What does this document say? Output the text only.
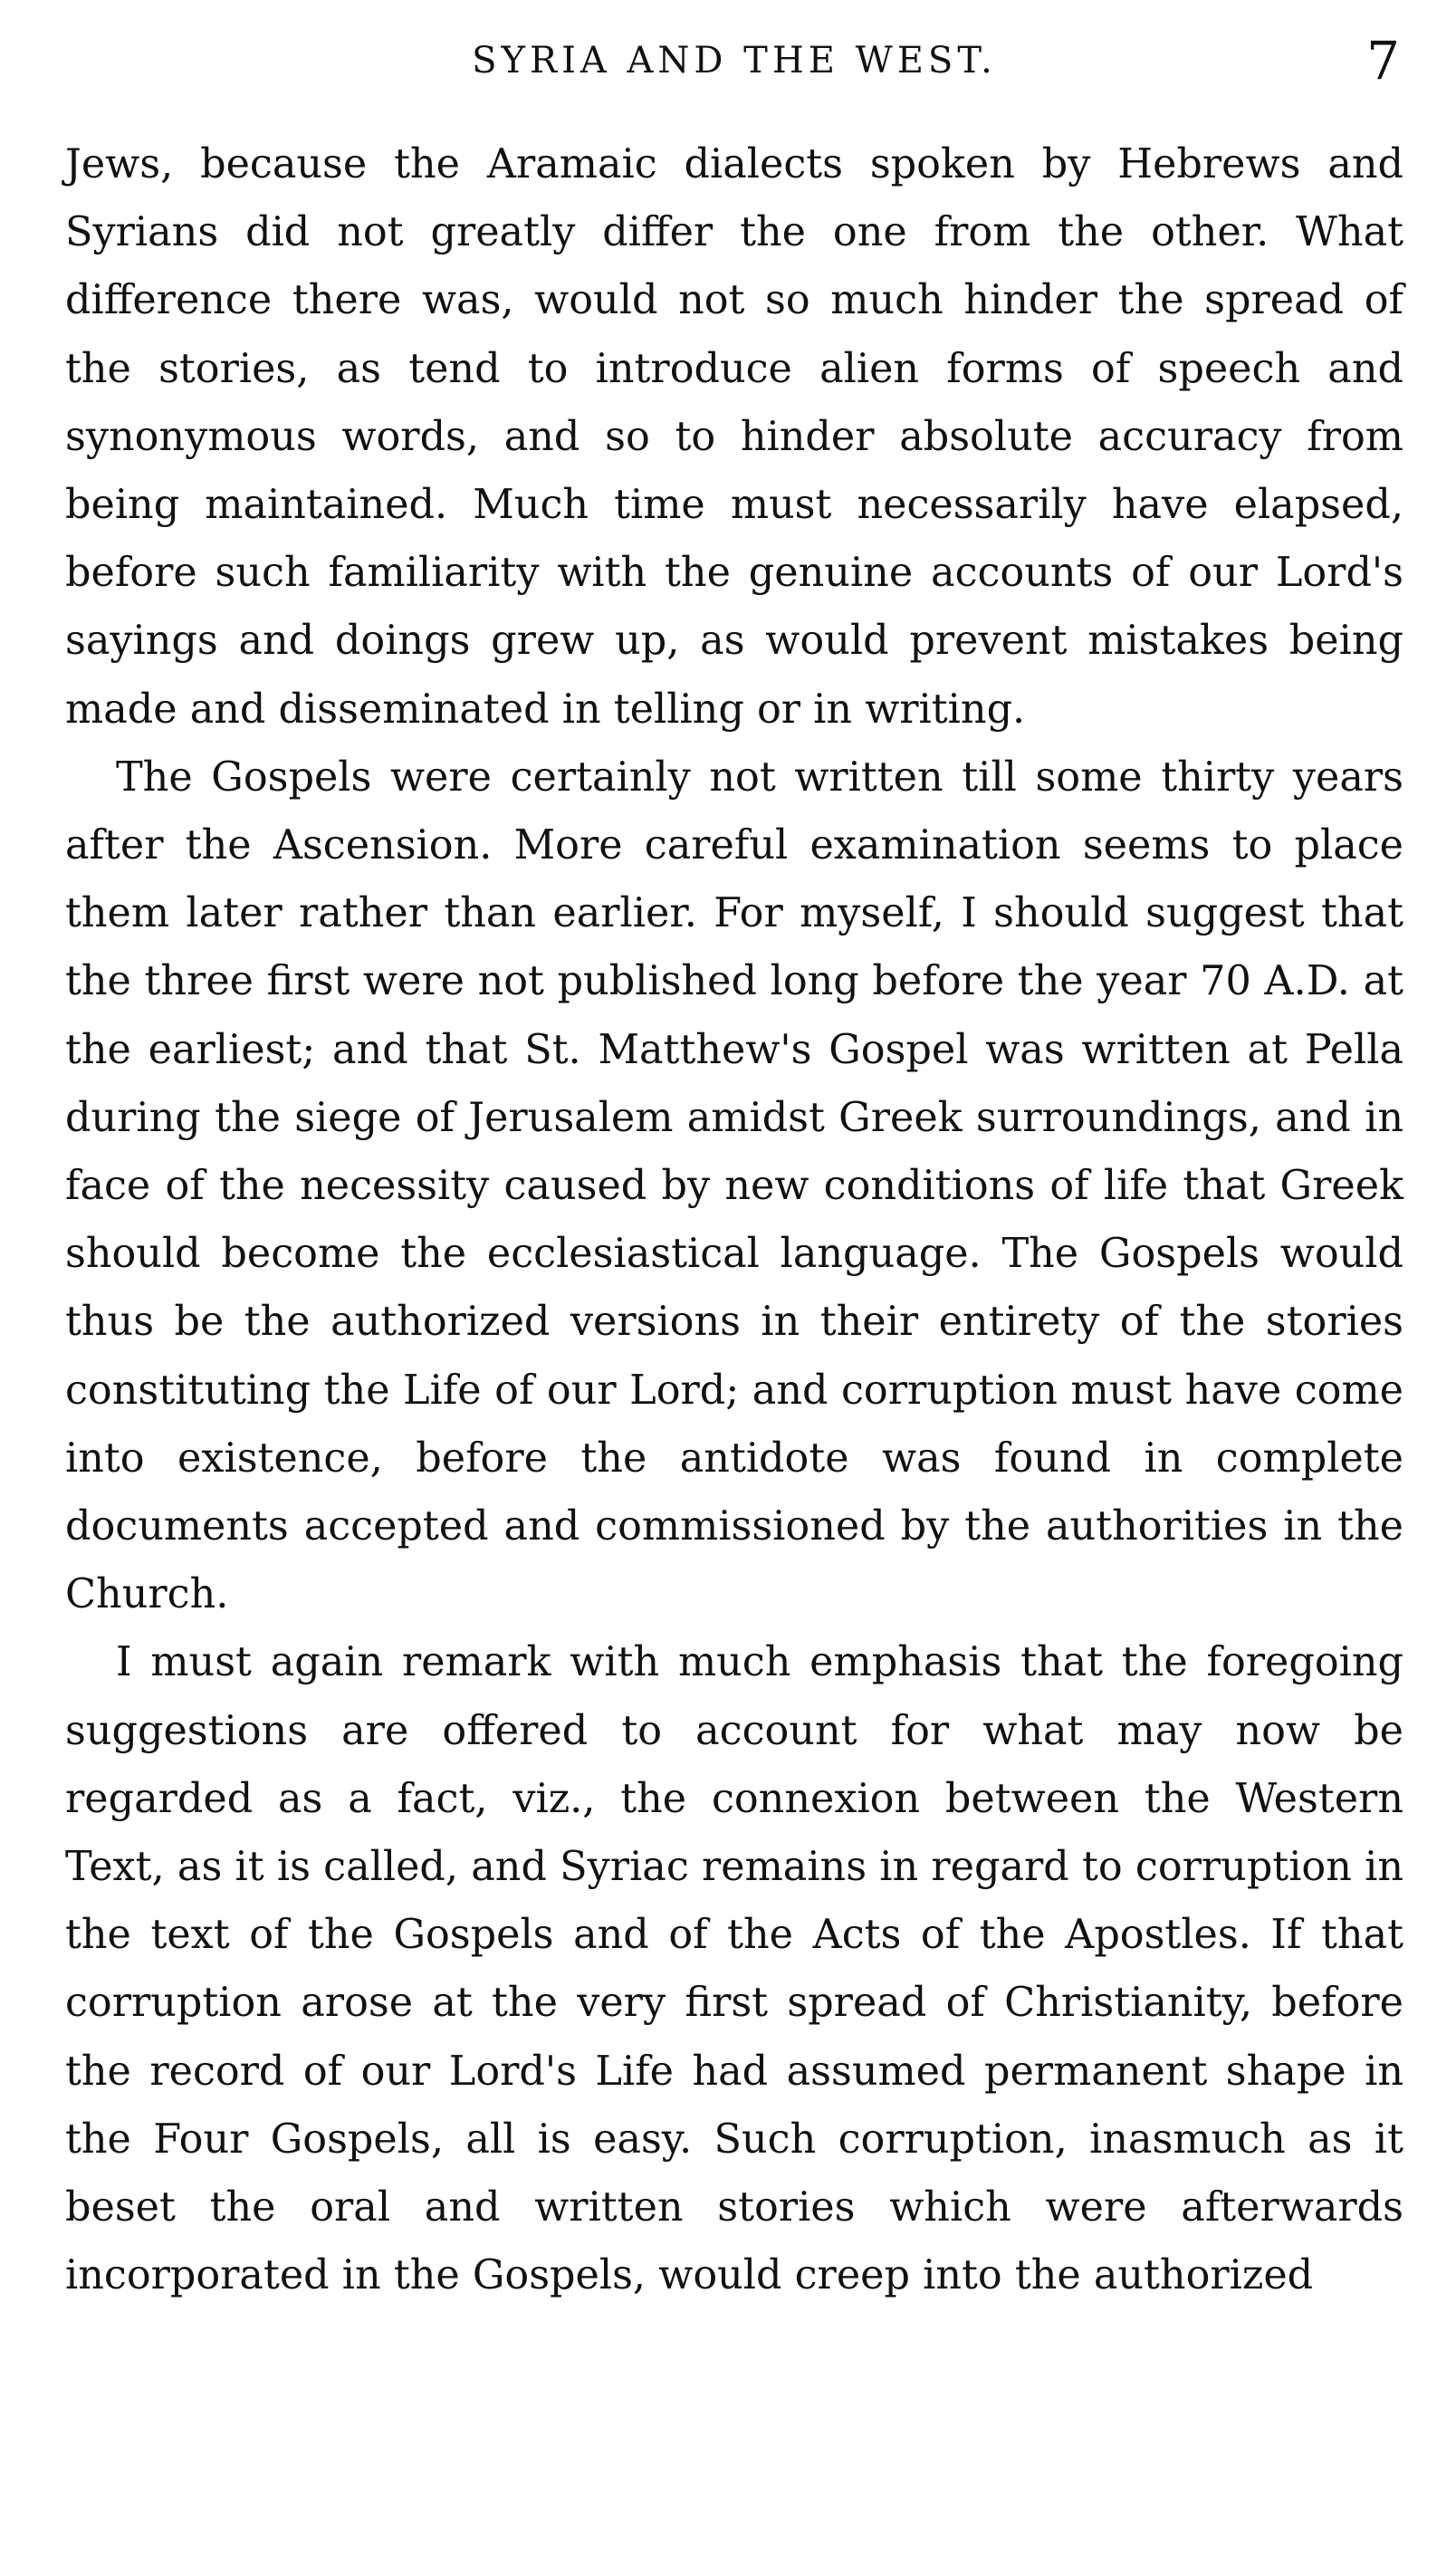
SYRIA AND THE WEST.	7

Jews, because the Aramaic dialects spoken by Hebrews and Syrians did not greatly differ the one from the other. What difference there was, would not so much hinder the spread of the stories, as tend to introduce alien forms of speech and synonymous words, and so to hinder absolute accuracy from being maintained. Much time must necessarily have elapsed, before such familiarity with the genuine accounts of our Lord's sayings and doings grew up, as would prevent mistakes being made and disseminated in telling or in writing.

The Gospels were certainly not written till some thirty years after the Ascension. More careful examination seems to place them later rather than earlier. For myself, I should suggest that the three first were not published long before the year 70 A.D. at the earliest; and that St. Matthew's Gospel was written at Pella during the siege of Jerusalem amidst Greek surroundings, and in face of the necessity caused by new conditions of life that Greek should become the ecclesiastical language. The Gospels would thus be the authorized versions in their entirety of the stories constituting the Life of our Lord; and corruption must have come into existence, before the antidote was found in complete documents accepted and commissioned by the authorities in the Church.

I must again remark with much emphasis that the foregoing suggestions are offered to account for what may now be regarded as a fact, viz., the connexion between the Western Text, as it is called, and Syriac remains in regard to corruption in the text of the Gospels and of the Acts of the Apostles. If that corruption arose at the very first spread of Christianity, before the record of our Lord's Life had assumed permanent shape in the Four Gospels, all is easy. Such corruption, inasmuch as it beset the oral and written stories which were afterwards incorporated in the Gospels, would creep into the authorized
